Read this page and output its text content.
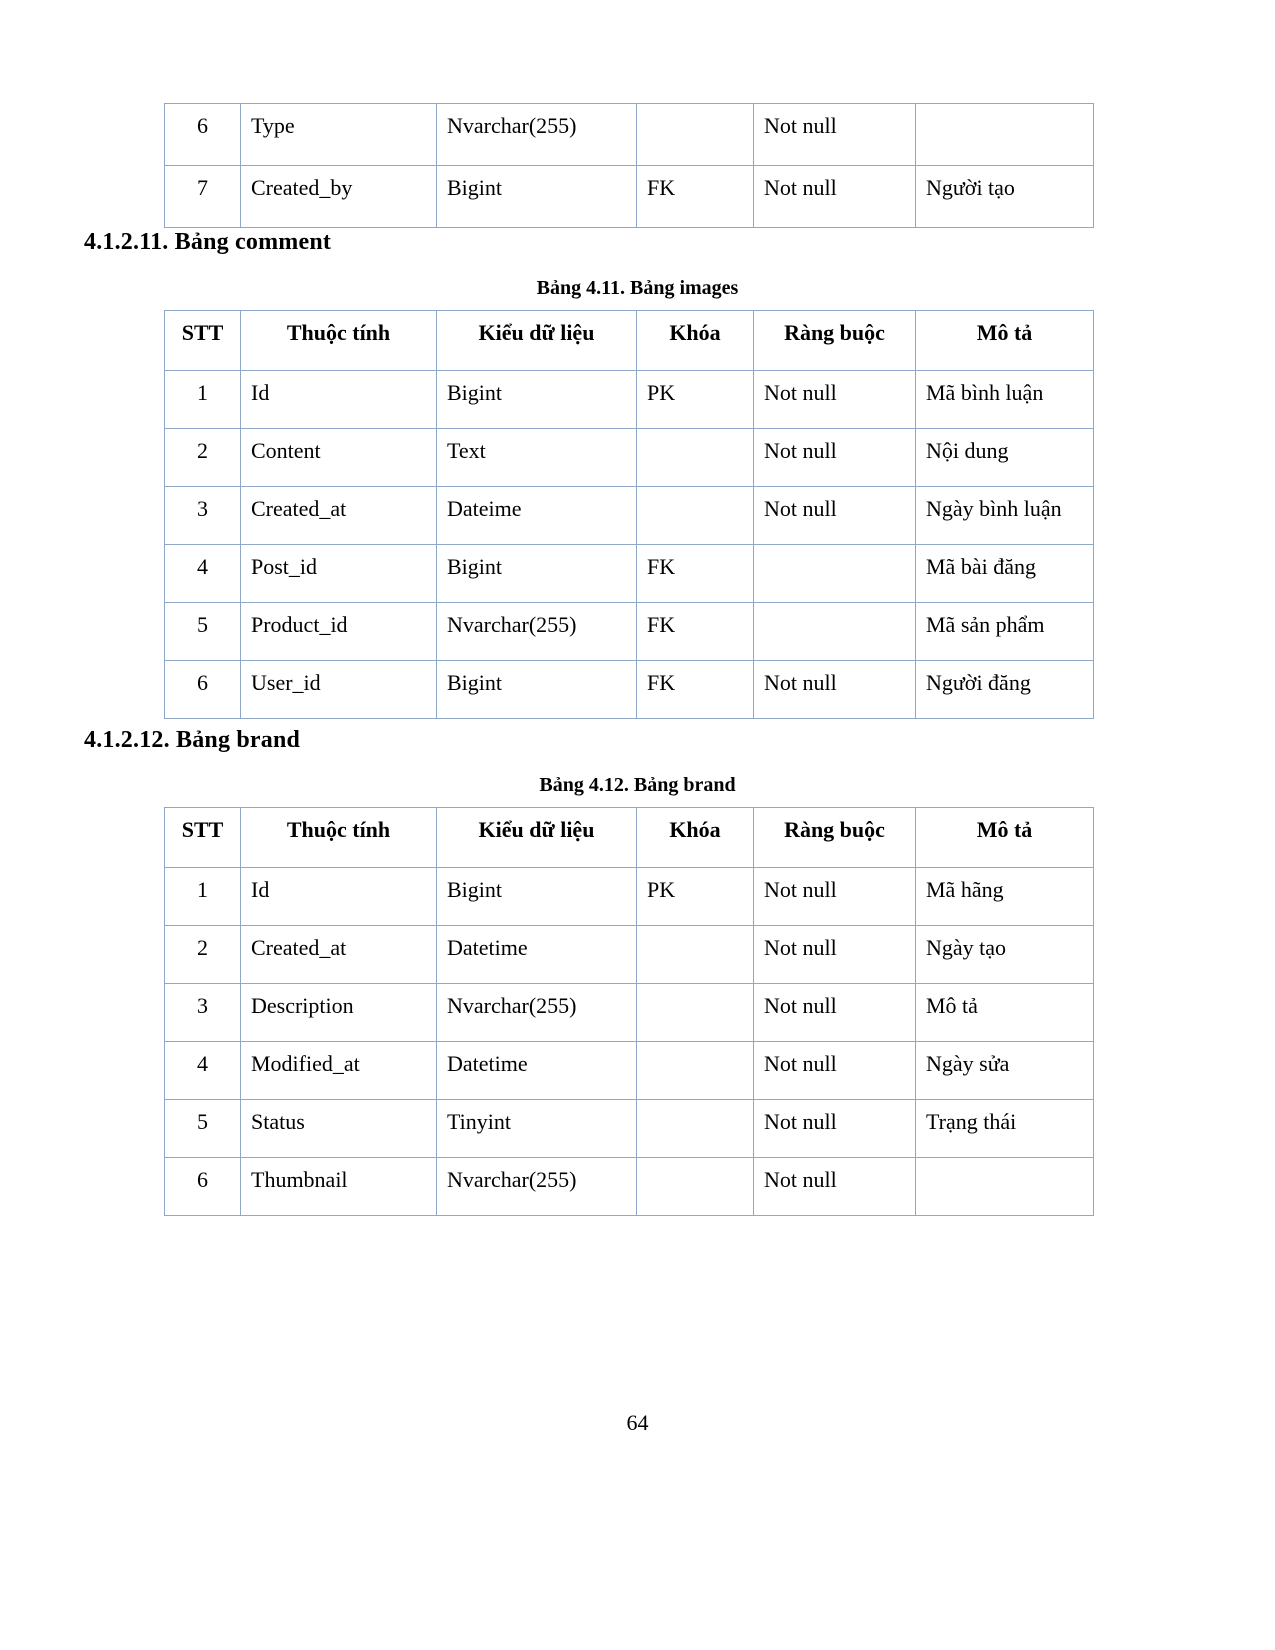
6	Type	Nvarchar(255)		Not null	
7	Created_by	Bigint	FK	Not null	Người tạo
4.1.2.11. Bảng comment
Bảng 4.11. Bảng images
STT	Thuộc tính	Kiểu dữ liệu	Khóa	Ràng buộc	Mô tả
1	Id	Bigint	PK	Not null	Mã bình luận
2	Content	Text		Not null	Nội dung
3	Created_at	Dateime		Not null	Ngày bình luận
4	Post_id	Bigint	FK		Mã bài đăng
5	Product_id	Nvarchar(255)	FK		Mã sản phẩm
6	User_id	Bigint	FK	Not null	Người đăng
4.1.2.12. Bảng brand
Bảng 4.12. Bảng brand
STT	Thuộc tính	Kiểu dữ liệu	Khóa	Ràng buộc	Mô tả
1	Id	Bigint	PK	Not null	Mã hãng
2	Created_at	Datetime		Not null	Ngày tạo
3	Description	Nvarchar(255)		Not null	Mô tả
4	Modified_at	Datetime		Not null	Ngày sửa
5	Status	Tinyint		Not null	Trạng thái
6	Thumbnail	Nvarchar(255)		Not null	
64
